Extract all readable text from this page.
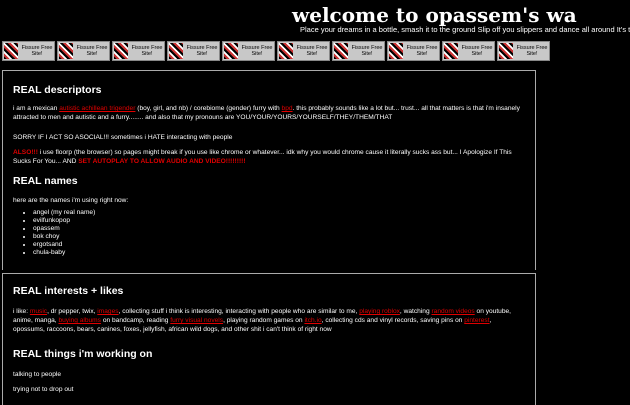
welcome to opassem's wa
Place your dreams in a bottle, smash it to the ground Slip off you slippers and dance all around It's t
Fissure Free
Site!
Fissure Free
Site!
Fissure Free
Site!
Fissure Free
Site!
Fissure Free
Site!
Fissure Free
Site!
Fissure Free
Site!
Fissure Free
Site!
Fissure Free
Site!
Fissure Free
Site!
REAL descriptors

i am a mexican autistic achillean trigender (boy, girl, and nb) / corebiome (gender) furry with bpd. this probably sounds like a lot but... trust... all that matters is that i'm insanely attracted to men and autistic and a furry........ and also that my pronouns are YOU/YOUR/YOURS/YOURSELF/THEY/THEM/THAT

SORRY IF I ACT SO ASOCIAL!!! sometimes i HATE interacting with people

ALSO!!! i use floorp (the browser) so pages might break if you use like chrome or whatever... idk why you would chrome cause it literally sucks ass but... I Apologize If This Sucks For You... AND SET AUTOPLAY TO ALLOW AUDIO AND VIDEO!!!!!!!!!

REAL names

here are the names i'm using right now:

• angel (my real name)
• evilfunkopop
• opassem
• bok choy
• ergotsand
• chula-baby
REAL interests + likes

i like: music, dr pepper, twix, images, collecting stuff i think is interesting, interacting with people who are similar to me, playing roblox, watching random videos on youtube, anime, manga, buying albums on bandcamp, reading furry visual novels, playing random games on itch.io, collecting cds and vinyl records, saving pins on pinterest, opossums, raccoons, bears, canines, foxes, jellyfish, african wild dogs, and other shit i can't think of right now

REAL things i'm working on

talking to people

trying not to drop out
